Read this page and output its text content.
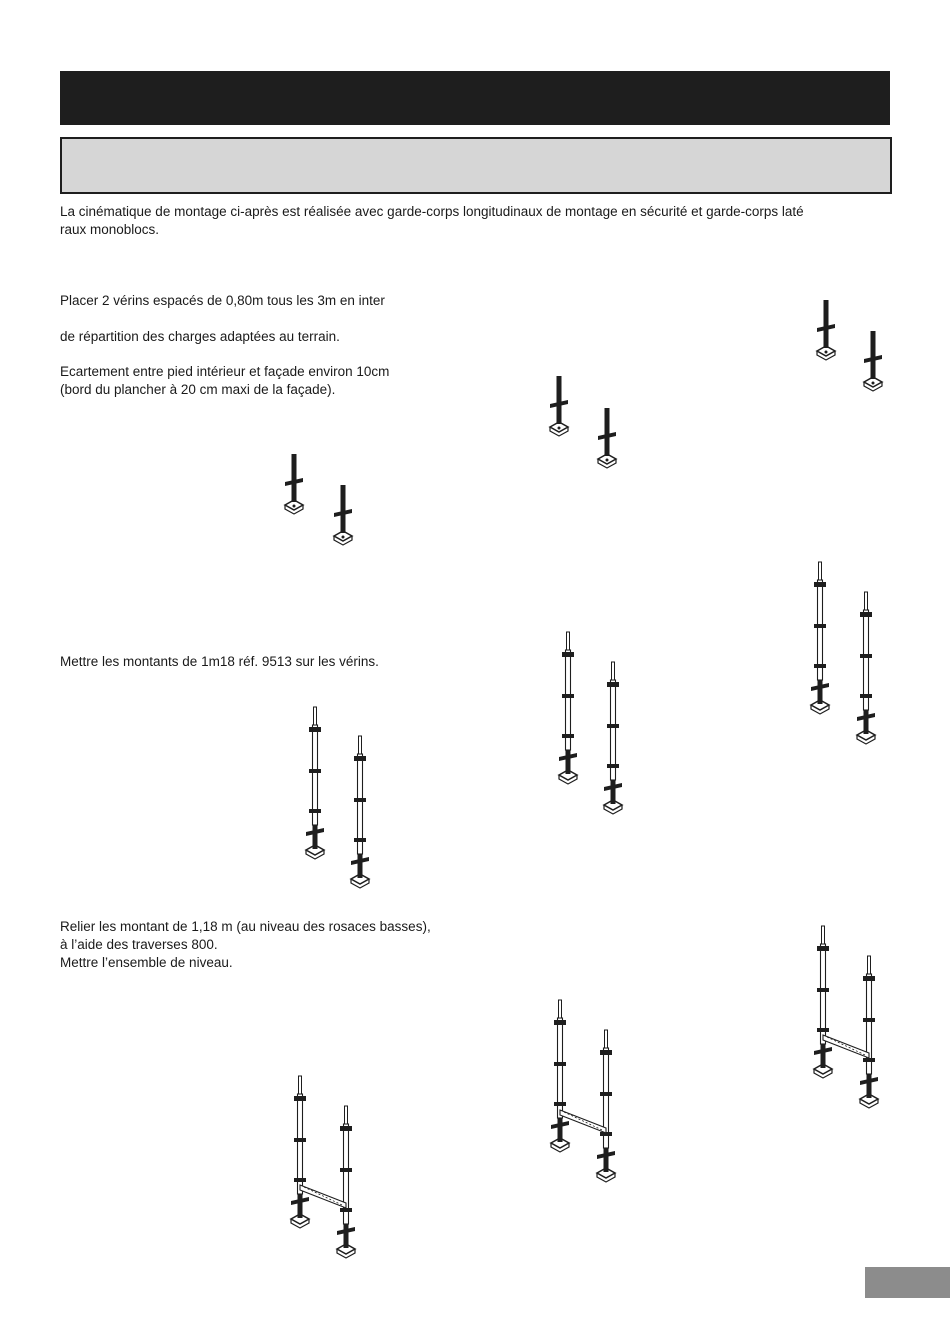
La cinématique de montage ci-après est réalisée avec garde-corps longitudinaux de montage en sécurité et garde-corps laté
raux monoblocs.

Placer 2 vérins espacés de 0,80m tous les 3m en inter

de répartition des charges adaptées au terrain.

Ecartement entre pied intérieur et façade environ 10cm
(bord du plancher à 20 cm maxi de la façade).

Mettre les montants de 1m18 réf. 9513 sur les vérins.

Relier les montant de 1,18 m (au niveau des rosaces basses),
à l’aide des traverses 800.
Mettre l’ensemble de niveau.
